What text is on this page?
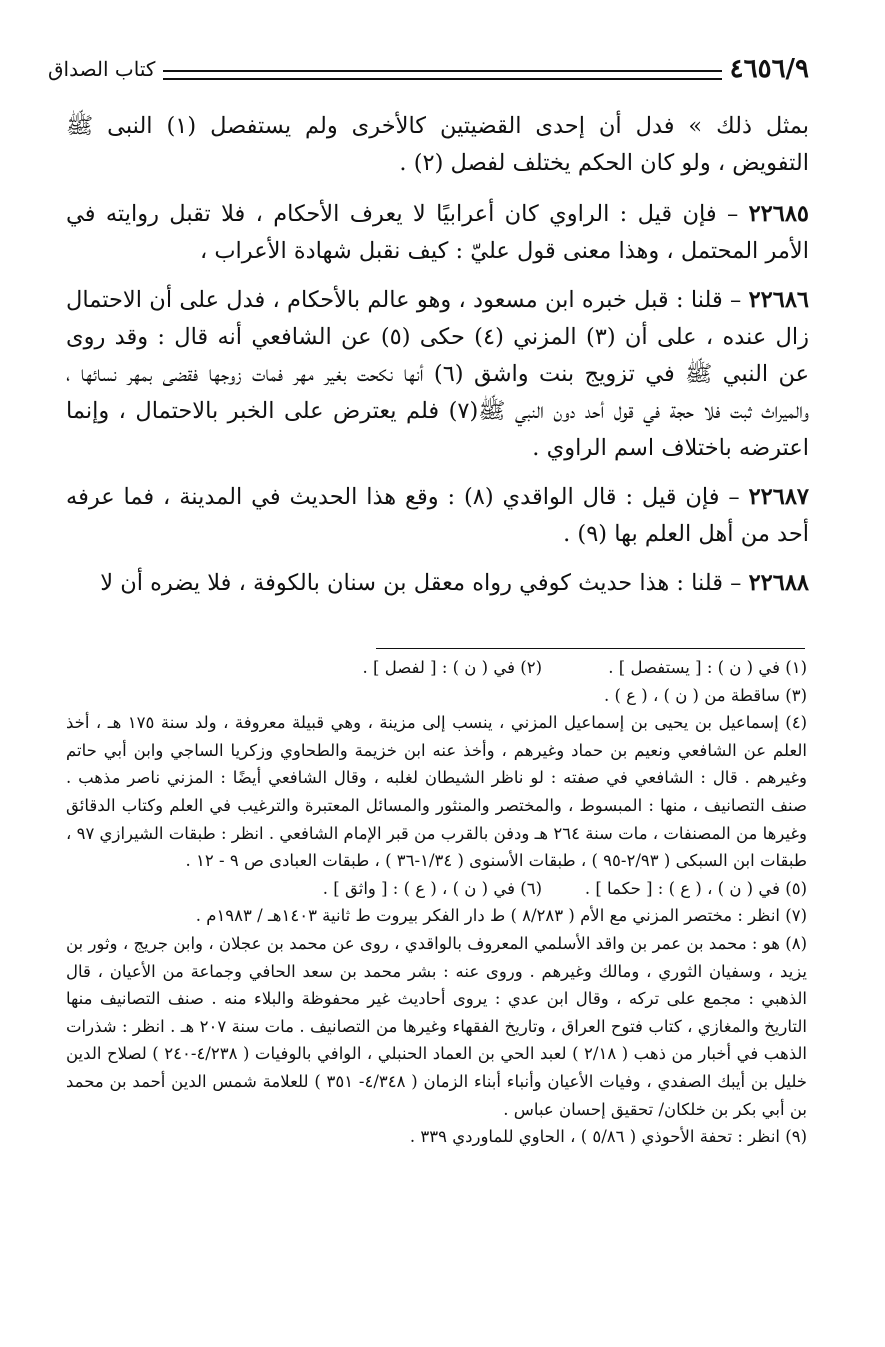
٤٦٥٦/٩
كتاب الصداق

بمثل ذلك » فدل أن إحدى القضيتين كالأخرى ولم يستفصل (١) النبى ﷺ التفويض ، ولو كان الحكم يختلف لفصل (٢) .

٢٢٦٨٥ – فإن قيل : الراوي كان أعرابيًا لا يعرف الأحكام ، فلا تقبل روايته في الأمر المحتمل ، وهذا معنى قول عليّ : كيف نقبل شهادة الأعراب ،

٢٢٦٨٦ – قلنا : قبل خبره ابن مسعود ، وهو عالم بالأحكام ، فدل على أن الاحتمال زال عنده ، على أن (٣) المزني (٤) حكى (٥) عن الشافعي أنه قال : وقد روى عن النبي ﷺ في تزويج بنت واشق (٦) أنها نكحت بغير مهر فمات زوجها فقضى بمهر نسائها ، والميراث ثبت فلا حجة في قول أحد دون النبي ﷺ(٧) فلم يعترض على الخبر بالاحتمال ، وإنما اعترضه باختلاف اسم الراوي .

٢٢٦٨٧ – فإن قيل : قال الواقدي (٨) : وقع هذا الحديث في المدينة ، فما عرفه أحد من أهل العلم بها (٩) .

٢٢٦٨٨ – قلنا : هذا حديث كوفي رواه معقل بن سنان بالكوفة ، فلا يضره أن لا

(١) في ( ن ) : [ يستفصل ] .
(٢) في ( ن ) : [ لفصل ] .

(٣) ساقطة من ( ن ) ، ( ع ) .

(٤) إسماعيل بن يحيى بن إسماعيل المزني ، ينسب إلى مزينة ، وهي قبيلة معروفة ، ولد سنة ١٧٥ هـ ، أخذ العلم عن الشافعي ونعيم بن حماد وغيرهم ، وأخذ عنه ابن خزيمة والطحاوي وزكريا الساجي وابن أبي حاتم وغيرهم . قال : الشافعي في صفته : لو ناظر الشيطان لغلبه ، وقال الشافعي أيضًا : المزني ناصر مذهب . صنف التصانيف ، منها : المبسوط ، والمختصر والمنثور والمسائل المعتبرة والترغيب في العلم وكتاب الدقائق وغيرها من المصنفات ، مات سنة ٢٦٤ هـ ودفن بالقرب من قبر الإمام الشافعي . انظر : طبقات الشيرازي ٩٧ ، طبقات ابن السبكى ( ٢/٩٣-٩٥ ) ، طبقات الأسنوى ( ١/٣٤-٣٦ ) ، طبقات العبادى ص ٩ - ١٢ .

(٥) في ( ن ) ، ( ع ) : [ حكما ] .
(٦) في ( ن ) ، ( ع ) : [ واثق ] .

(٧) انظر : مختصر المزني مع الأم ( ٨/٢٨٣ ) ط دار الفكر بيروت ط ثانية ١٤٠٣هـ / ١٩٨٣م .

(٨) هو : محمد بن عمر بن واقد الأسلمي المعروف بالواقدي ، روى عن محمد بن عجلان ، وابن جريج ، وثور بن يزيد ، وسفيان الثوري ، ومالك وغيرهم . وروى عنه : بشر محمد بن سعد الحافي وجماعة من الأعيان ، قال الذهبي : مجمع على تركه ، وقال ابن عدي : يروى أحاديث غير محفوظة والبلاء منه . صنف التصانيف منها التاريخ والمغازي ، كتاب فتوح العراق ، وتاريخ الفقهاء وغيرها من التصانيف . مات سنة ٢٠٧ هـ . انظر : شذرات الذهب في أخبار من ذهب ( ٢/١٨ ) لعبد الحي بن العماد الحنبلي ، الوافي بالوفيات ( ٤/٢٣٨-٢٤٠ ) لصلاح الدين خليل بن أيبك الصفدي ، وفيات الأعيان وأنباء أبناء الزمان ( ٤/٣٤٨- ٣٥١ ) للعلامة شمس الدين أحمد بن محمد بن أبي بكر بن خلكان/ تحقيق إحسان عباس .

(٩) انظر : تحفة الأحوذي ( ٥/٨٦ ) ، الحاوي للماوردي ٣٣٩ .
